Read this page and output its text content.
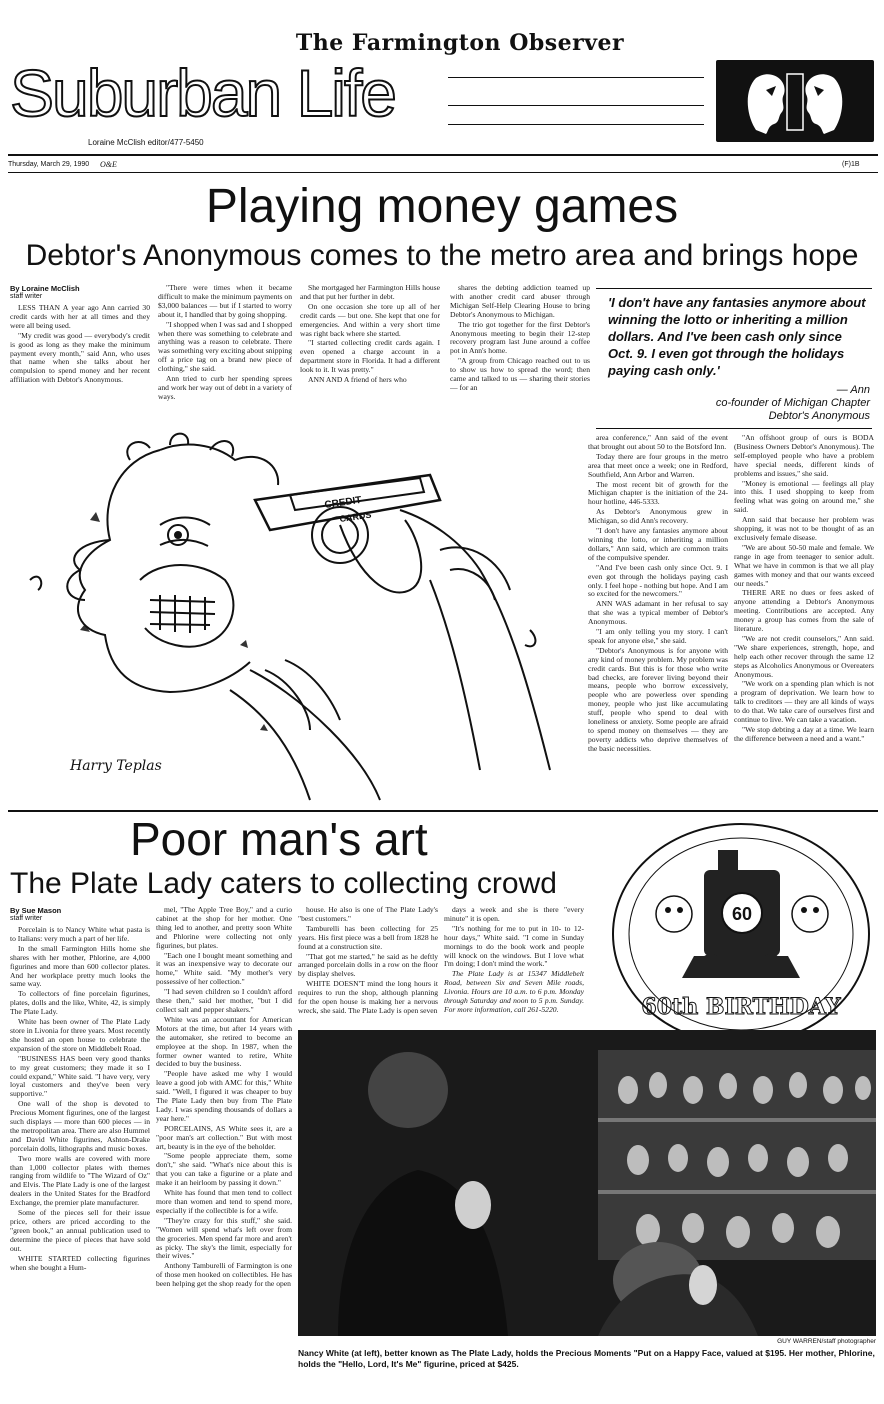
The Farmington Observer
Suburban Life
Loraine McClish editor/477-5450
Thursday, March 29, 1990 O&E	(F)1B
Playing money games
Debtor's Anonymous comes to the metro area and brings hope
By Loraine McClish
staff writer

LESS THAN A year ago Ann carried 30 credit cards with her at all times and they were all being used.

"My credit was good — everybody's credit is good as long as they make the minimum payment every month," said Ann, who uses that name when she talks about her compulsion to spend money and her recent affiliation with Debtor's Anonymous.

"There were times when it became difficult to make the minimum payments on $3,000 balances — but if I started to worry about it, I handled that by going shopping.

"I shopped when I was sad and I shopped when there was something to celebrate and anything was a reason to celebrate. There was something very exciting about snipping off a price tag on a brand new piece of clothing," she said.

Ann tried to curb her spending sprees and work her way out of debt in a variety of ways.

She mortgaged her Farmington Hills house and that put her further in debt.

On one occasion she tore up all of her credit cards — but one. She kept that one for emergencies. And within a very short time was right back where she started.

"I started collecting credit cards again. I even opened a charge account in a department store in Florida. It had a different look to it. It was pretty."

ANN AND A friend of hers who

shares the debting addiction teamed up with another credit card abuser through Michigan Self-Help Clearing House to bring Debtor's Anonymous to Michigan.

The trio got together for the first Debtor's Anonymous meeting to begin their 12-step recovery program last June around a coffee pot in Ann's home.

"A group from Chicago reached out to us to show us how to spread the word; then came and talked to us — sharing their stories — for an

'I don't have any fantasies anymore about winning the lotto or inheriting a million dollars. And I've been cash only since Oct. 9. I even got through the holidays paying cash only.'
— Ann
co-founder of Michigan Chapter
Debtor's Anonymous
CREDIT
CARDS
Harry Teplas

area conference," Ann said of the event that brought out about 50 to the Botsford Inn.

Today there are four groups in the metro area that meet once a week; one in Redford, Southfield, Ann Arbor and Warren.

The most recent bit of growth for the Michigan chapter is the initiation of the 24-hour hotline, 446-5333.

As Debtor's Anonymous grew in Michigan, so did Ann's recovery.

"I don't have any fantasies anymore about winning the lotto, or inheriting a million dollars," Ann said, which are common traits of the compulsive spender.

"And I've been cash only since Oct. 9. I even got through the holidays paying cash only. I feel hope - nothing but hope. And I am so excited for the newcomers."

ANN WAS adamant in her refusal to say that she was a typical member of Debtor's Anonymous.

"I am only telling you my story. I can't speak for anyone else," she said.

"Debtor's Anonymous is for anyone with any kind of money problem. My problem was credit cards. But this is for those who write bad checks, are forever living beyond their means, people who borrow excessively, people who are powerless over spending money, people who just like accumulating stuff, people who spend to deal with loneliness or anxiety. Some people are afraid to spend money on themselves — they are poverty addicts who deprive themselves of the basic necessities.

"An offshoot group of ours is BODA (Business Owners Debtor's Anonymous). The self-employed people who have a problem have special needs, different kinds of problems and issues," she said.

"Money is emotional — feelings all play into this. I used shopping to keep from feeling what was going on around me," she said.

Ann said that because her problem was shopping, it was not to be thought of as an exclusively female disease.

"We are about 50-50 male and female. We range in age from teenager to senior adult. What we have in common is that we all play games with money and that our wants exceed our needs."

THERE ARE no dues or fees asked of anyone attending a Debtor's Anonymous meeting. Contributions are accepted. Any money a group has comes from the sale of literature.

"We are not credit counselors," Ann said. "We share experiences, strength, hope, and help each other recover through the same 12 steps as Alcoholics Anonymous or Overeaters Anonymous.

"We work on a spending plan which is not a program of deprivation. We learn how to talk to creditors — they are all kinds of ways to do that. We take care of ourselves first and continue to live. We can take a vacation.

"We stop debting a day at a time. We learn the difference between a need and a want."

Poor man's art
The Plate Lady caters to collecting crowd
60
60th BIRTHDAY
By Sue Mason
staff writer

Porcelain is to Nancy White what pasta is to Italians: very much a part of her life.

In the small Farmington Hills home she shares with her mother, Phlorine, are 4,000 figurines and more than 600 collector plates. And her workplace pretty much looks the same way.

To collectors of fine porcelain figurines, plates, dolls and the like, White, 42, is simply The Plate Lady.

White has been owner of The Plate Lady store in Livonia for three years. Most recently she hosted an open house to celebrate the expansion of the store on Middlebelt Road.

"BUSINESS HAS been very good thanks to my great customers; they made it so I could expand," White said. "I have very, very loyal customers and they've been very supportive."

One wall of the shop is devoted to Precious Moment figurines, one of the largest such displays — more than 600 pieces — in the metropolitan area. There are also Hummel and David White figurines, Ashton-Drake porcelain dolls, lithographs and music boxes.

Two more walls are covered with more than 1,000 collector plates with themes ranging from wildlife to "The Wizard of Oz" and Elvis. The Plate Lady is one of the largest dealers in the United States for the Bradford Exchange, the premier plate manufacturer.

Some of the pieces sell for their issue price, others are priced according to the "green book," an annual publication used to determine the piece of pieces that have sold out.

WHITE STARTED collecting figurines when she bought a Hum-

mel, "The Apple Tree Boy," and a curio cabinet at the shop for her mother. One thing led to another, and pretty soon White and Phlorine were collecting not only figurines, but plates.

"Each one I bought meant something and it was an inexpensive way to decorate our home," White said. "My mother's very possessive of her collection."

"I had seven children so I couldn't afford these then," said her mother, "but I did collect salt and pepper shakers."

White was an accountant for American Motors at the time, but after 14 years with the automaker, she retired to become an employee at the shop. In 1987, when the former owner wanted to retire, White decided to buy the business.

"People have asked me why I would leave a good job with AMC for this," White said. "Well, I figured it was cheaper to buy The Plate Lady then buy from The Plate Lady. I was spending thousands of dollars a year here."

PORCELAINS, AS White sees it, are a "poor man's art collection." But with most art, beauty is in the eye of the beholder.

"Some people appreciate them, some don't," she said. "What's nice about this is that you can take a figurine or a plate and make it an heirloom by passing it down."

White has found that men tend to collect more than women and tend to spend more, especially if the collectible is for a wife.

"They're crazy for this stuff," she said. "Women will spend what's left over from the groceries. Men spend far more and aren't as picky. The sky's the limit, especially for their wives."

Anthony Tamburelli of Farmington is one of those men hooked on collectibles. He has been helping get the shop ready for the open

house. He also is one of The Plate Lady's "best customers."

Tamburelli has been collecting for 25 years. His first piece was a bell from 1828 he found at a construction site.

"That got me started," he said as he deftly arranged porcelain dolls in a row on the floor by display shelves.

WHITE DOESN'T mind the long hours it requires to run the shop, although planning for the open house is making her a nervous wreck, she said. The Plate Lady is open seven

days a week and she is there "every minute" it is open.

"It's nothing for me to put in 10- to 12-hour days," White said. "I come in Sunday mornings to do the book work and people will knock on the windows. But I love what I'm doing; I don't mind the work."

The Plate Lady is at 15347 Middlebelt Road, between Six and Seven Mile roads, Livonia. Hours are 10 a.m. to 6 p.m. Monday through Saturday and noon to 5 p.m. Sunday. For more information, call 261-5220.

GUY WARREN/staff photographer
Nancy White (at left), better known as The Plate Lady, holds the Precious Moments "Put on a Happy Face, valued at $195. Her mother, Phlorine, holds the "Hello, Lord, It's Me" figurine, priced at $425.
